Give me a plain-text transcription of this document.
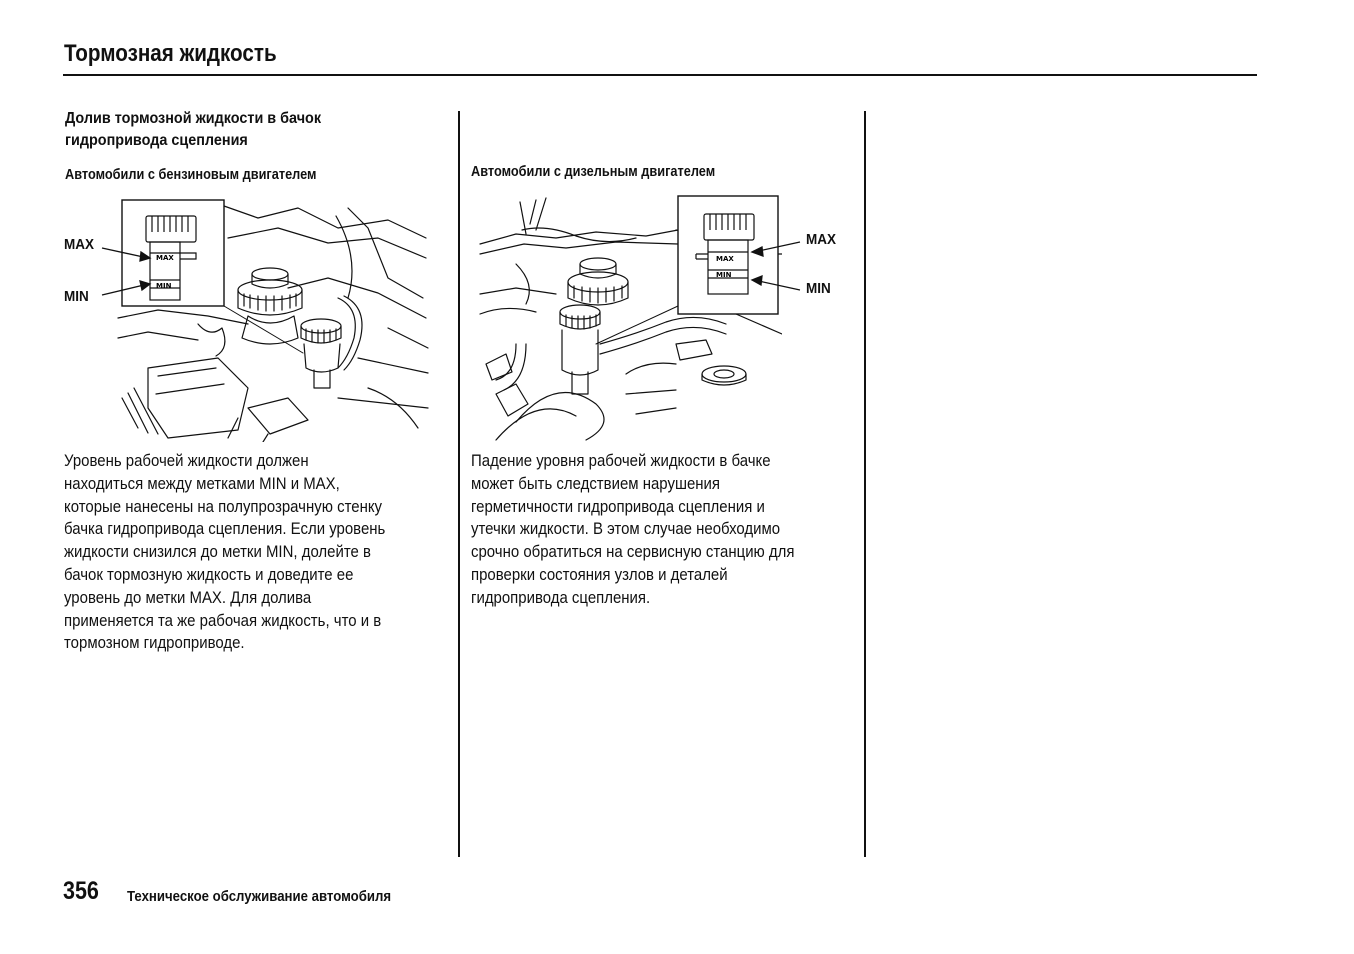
Тормозная жидкость
Долив тормозной жидкости в бачок гидропривода сцепления
Автомобили с бензиновым двигателем
MAX
MIN
MAX
MIN
Уровень рабочей жидкости должен
находиться между метками MIN и MAX,
которые нанесены на полупрозрачную стенку
бачка гидропривода сцепления. Если уровень
жидкости снизился до метки MIN, долейте в
бачок тормозную жидкость и доведите ее
уровень до метки MAX. Для долива
применяется та же рабочая жидкость, что и в
тормозном гидроприводе.
Автомобили с дизельным двигателем
MAX
MIN
MAX
MIN
Падение уровня рабочей жидкости в бачке
может быть следствием нарушения
герметичности гидропривода сцепления и
утечки жидкости. В этом случае необходимо
срочно обратиться на сервисную станцию для
проверки состояния узлов и деталей
гидропривода сцепления.
356 Техническое обслуживание автомобиля
